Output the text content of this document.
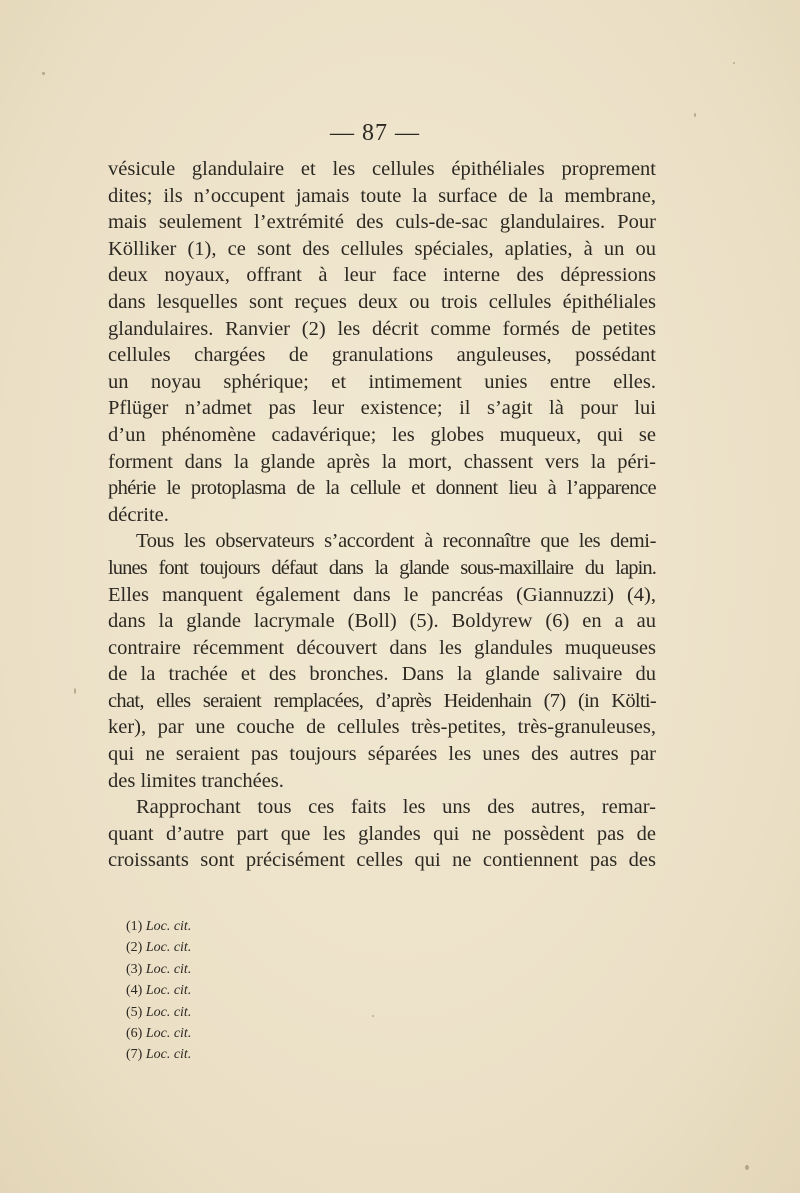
— 87 —

vésicule glandulaire et les cellules épithéliales proprement
dites; ils n’occupent jamais toute la surface de la membrane,
mais seulement l’extrémité des culs-de-sac glandulaires. Pour
Kölliker (1), ce sont des cellules spéciales, aplaties, à un ou
deux noyaux, offrant à leur face interne des dépressions
dans lesquelles sont reçues deux ou trois cellules épithéliales
glandulaires. Ranvier (2) les décrit comme formés de petites
cellules chargées de granulations anguleuses, possédant
un noyau sphérique; et intimement unies entre elles.
Pflüger n’admet pas leur existence; il s’agit là pour lui
d’un phénomène cadavérique; les globes muqueux, qui se
forment dans la glande après la mort, chassent vers la péri-
phérie le protoplasma de la cellule et donnent lieu à l’apparence
décrite.

Tous les observateurs s’accordent à reconnaître que les demi-
lunes font toujours défaut dans la glande sous-maxillaire du lapin.
Elles manquent également dans le pancréas (Giannuzzi) (4),
dans la glande lacrymale (Boll) (5). Boldyrew (6) en a au
contraire récemment découvert dans les glandules muqueuses
de la trachée et des bronches. Dans la glande salivaire du
chat, elles seraient remplacées, d’après Heidenhain (7) (in Költi-
ker), par une couche de cellules très-petites, très-granuleuses,
qui ne seraient pas toujours séparées les unes des autres par
des limites tranchées.

Rapprochant tous ces faits les uns des autres, remar-
quant d’autre part que les glandes qui ne possèdent pas de
croissants sont précisément celles qui ne contiennent pas des

(1) Loc. cit.
(2) Loc. cit.
(3) Loc. cit.
(4) Loc. cit.
(5) Loc. cit.
(6) Loc. cit.
(7) Loc. cit.
